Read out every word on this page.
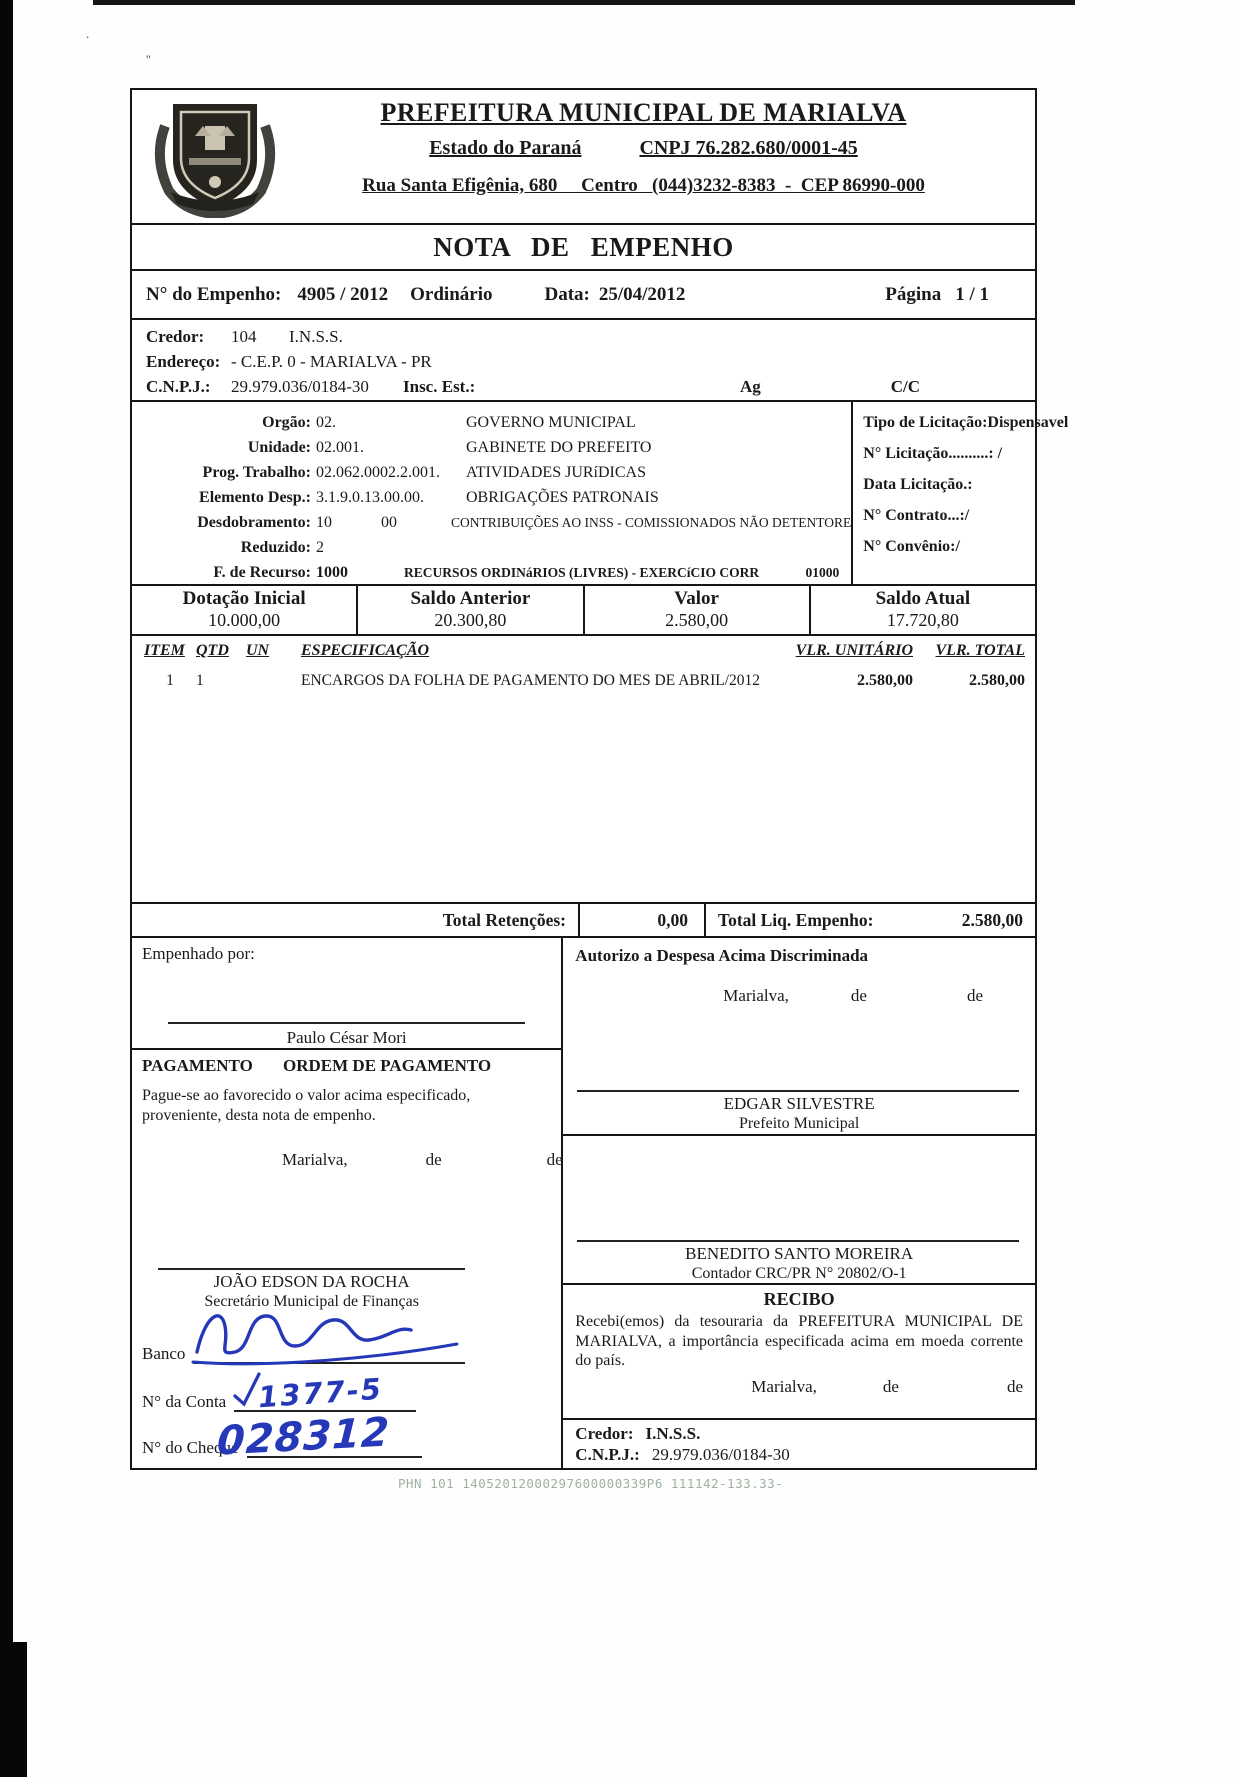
.
''
PREFEITURA MUNICIPAL DE MARIALVA
Estado do Paraná	CNPJ 76.282.680/0001-45
Rua Santa Efigênia, 680     Centro   (044)3232-8383  -  CEP 86990-000
NOTA DE EMPENHO
N° do Empenho: 4905 / 2012 Ordinário	Data: 25/04/2012	Página 1 / 1
Credor:	104	I.N.S.S.
Endereço: - C.E.P. 0 - MARIALVA - PR
C.N.P.J.:	29.979.036/0184-30	Insc. Est.:	Ag	C/C
Orgão: 02.	GOVERNO MUNICIPAL
Unidade: 02.001.	GABINETE DO PREFEITO
Prog. Trabalho: 02.062.0002.2.001.	ATIVIDADES JURíDICAS
Elemento Desp.: 3.1.9.0.13.00.00.	OBRIGAÇÕES PATRONAIS
Desdobramento: 10	00	CONTRIBUIÇÕES AO INSS - COMISSIONADOS NÃO DETENTORE
Reduzido: 2
F. de Recurso: 1000	RECURSOS ORDINáRIOS (LIVRES) - EXERCíCIO CORR	01000
Tipo de Licitação:Dispensavel
N° Licitação..........: /
Data Licitação.:
N° Contrato...:/
N° Convênio:/
Dotação Inicial
10.000,00
Saldo Anterior
20.300,80
Valor
2.580,00
Saldo Atual
17.720,80
ITEM QTD	UN	ESPECIFICAÇÃO	VLR. UNITÁRIO	VLR. TOTAL
1	1	ENCARGOS DA FOLHA DE PAGAMENTO DO MES DE ABRIL/2012	2.580,00	2.580,00
Total Retenções:	0,00	Total Liq. Empenho:	2.580,00
Empenhado por:
Paulo César Mori
PAGAMENTO	ORDEM DE PAGAMENTO
Pague-se ao favorecido o valor acima especificado, proveniente, desta nota de empenho.
Marialva,	de	de
JOÃO EDSON DA ROCHA
Secretário Municipal de Finanças
Banco
N° da Conta 1377-5
N° do Cheque
028312
Autorizo a Despesa Acima Discriminada
Marialva,	de	de
EDGAR SILVESTRE
Prefeito Municipal
BENEDITO SANTO MOREIRA
Contador CRC/PR N° 20802/O-1
RECIBO
Recebi(emos) da tesouraria da PREFEITURA MUNICIPAL DE MARIALVA, a importância especificada acima em moeda corrente do país.
Marialva,	de	de
Credor: I.N.S.S.
C.N.P.J.: 29.979.036/0184-30
PHN 101 14052012000297600000339P6 111142-133.33-
